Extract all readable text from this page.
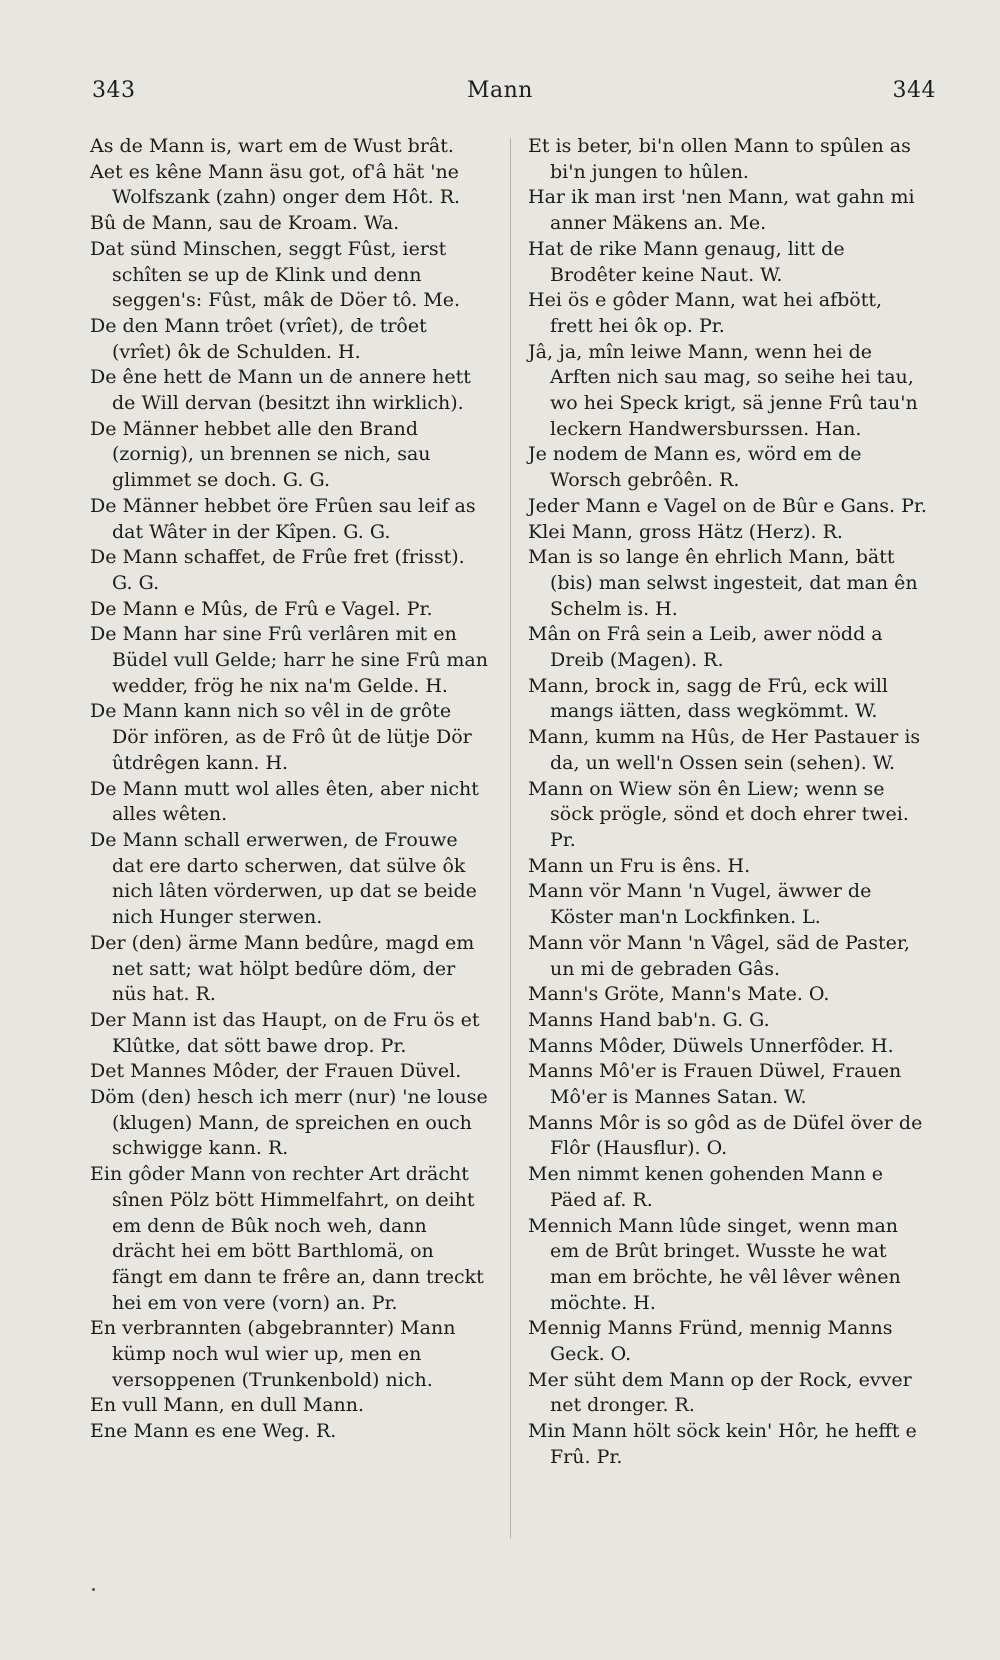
343	Mann	344

As de Mann is, wart em de Wust brât.

Aet es kêne Mann äsu got, of'â hät 'ne Wolfszank (zahn) onger dem Hôt. R.

Bû de Mann, sau de Kroam. Wa.

Dat sünd Minschen, seggt Fûst, ierst schîten se up de Klink und denn seggen's: Fûst, mâk de Döer tô. Me.

De den Mann trôet (vrîet), de trôet (vrîet) ôk de Schulden. H.

De êne hett de Mann un de annere hett de Will dervan (besitzt ihn wirklich).

De Männer hebbet alle den Brand (zornig), un brennen se nich, sau glimmet se doch. G. G.

De Männer hebbet öre Frûen sau leif as dat Wâter in der Kîpen. G. G.

De Mann schaffet, de Frûe fret (frisst). G. G.

De Mann e Mûs, de Frû e Vagel. Pr.

De Mann har sine Frû verlâren mit en Büdel vull Gelde; harr he sine Frû man wedder, frög he nix na'm Gelde. H.

De Mann kann nich so vêl in de grôte Dör infören, as de Frô ût de lütje Dör ûtdrêgen kann. H.

De Mann mutt wol alles êten, aber nicht alles wêten.

De Mann schall erwerwen, de Frouwe dat ere darto scherwen, dat sülve ôk nich lâten vörderwen, up dat se beide nich Hunger sterwen.

Der (den) ärme Mann bedûre, magd em net satt; wat hölpt bedûre döm, der nüs hat. R.

Der Mann ist das Haupt, on de Fru ös et Klûtke, dat sött bawe drop. Pr.

Det Mannes Môder, der Frauen Düvel.

Döm (den) hesch ich merr (nur) 'ne louse (klugen) Mann, de spreichen en ouch schwigge kann. R.

Ein gôder Mann von rechter Art drächt sînen Pölz bött Himmelfahrt, on deiht em denn de Bûk noch weh, dann drächt hei em bött Barthlomä, on fängt em dann te frêre an, dann treckt hei em von vere (vorn) an. Pr.

En verbrannten (abgebrannter) Mann kümp noch wul wier up, men en versoppenen (Trunkenbold) nich.

En vull Mann, en dull Mann.

Ene Mann es ene Weg. R.

Et is beter, bi'n ollen Mann to spûlen as bi'n jungen to hûlen.

Har ik man irst 'nen Mann, wat gahn mi anner Mäkens an. Me.

Hat de rike Mann genaug, litt de Brodêter keine Naut. W.

Hei ös e gôder Mann, wat hei afbött, frett hei ôk op. Pr.

Jâ, ja, mîn leiwe Mann, wenn hei de Arften nich sau mag, so seihe hei tau, wo hei Speck krigt, sä jenne Frû tau'n leckern Handwersburssen. Han.

Je nodem de Mann es, wörd em de Worsch gebrôên. R.

Jeder Mann e Vagel on de Bûr e Gans. Pr.

Klei Mann, gross Hätz (Herz). R.

Man is so lange ên ehrlich Mann, bätt (bis) man selwst ingesteit, dat man ên Schelm is. H.

Mân on Frâ sein a Leib, awer nödd a Dreib (Magen). R.

Mann, brock in, sagg de Frû, eck will mangs iätten, dass wegkömmt. W.

Mann, kumm na Hûs, de Her Pastauer is da, un well'n Ossen sein (sehen). W.

Mann on Wiew sön ên Liew; wenn se söck prögle, sönd et doch ehrer twei. Pr.

Mann un Fru is êns. H.

Mann vör Mann 'n Vugel, äwwer de Köster man'n Lockfinken. L.

Mann vör Mann 'n Vâgel, säd de Paster, un mi de gebraden Gâs.

Mann's Gröte, Mann's Mate. O.

Manns Hand bab'n. G. G.

Manns Môder, Düwels Unnerfôder. H.

Manns Mô'er is Frauen Düwel, Frauen Mô'er is Mannes Satan. W.

Manns Môr is so gôd as de Düfel över de Flôr (Hausflur). O.

Men nimmt kenen gohenden Mann e Päed af. R.

Mennich Mann lûde singet, wenn man em de Brût bringet. Wusste he wat man em bröchte, he vêl lêver wênen möchte. H.

Mennig Manns Fründ, mennig Manns Geck. O.

Mer süht dem Mann op der Rock, evver net dronger. R.

Min Mann hölt söck kein' Hôr, he hefft e Frû. Pr.
